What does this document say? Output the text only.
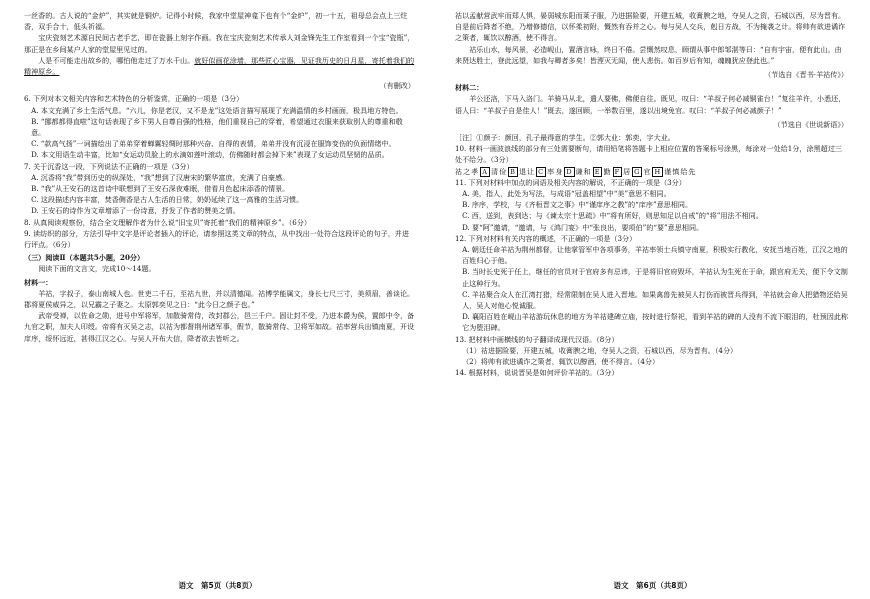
一丝香的。古人说的“金炉”，其实就是铜炉。记得小时候，我家中堂屋神龛下也有个“金炉”，初一十五，祖母总会点上三炷香，双手合十，低头祈福。

宝庆瓷刻艺术源自民间古老手艺，即在瓷器上刻字作画。我在宝庆瓷刻艺术传承人刘金锋先生工作室看到一个宝“瓷瓶”，那正是在乡间某户人家的堂屋里见过的。

人是不可能走出故乡的，哪怕他走过了万水千山。就好似画花涂墙，那些匠心宝器，见证我历史的日月星，寄托着我们的精神原乡。

（有删改）
6. 下列对本文相关内容和艺术特色的分析鉴赏，正确的一项是（3分）
A. 本文充满了乡土生活气息。“六儿，你是老汉，又不是龙”这处语言描写展现了充满温情的乡村画面，极具地方特色。
B. “挪都都得直啦”这句话表现了乡下男人自尊自强的性格，他们重视自己的穿着，希望通过衣服来获取别人的尊重和敬意。
C. “款高气扬”一词描绘出了弟弟穿着蝉翼轻绸时那种兴奋、自得的表情，弟弟并没有沉浸在服饰变伤的负面情绪中。
D. 本文用语生动丰富，比如“女运动员脸上的水滴如莲叶滚动，仿佛随时都会掉下来”表现了女运动员坚韧的品质。
7. 关于沉香这一段，下列说法不正确的一项是（3分）
A. 沉香将“我”带到历史的纵深处，“我”想到了汉唐宋的繁华富庶，充满了自豪感。
B. “我”从王安石的这首诗中联想到了王安石深夜难眠，借看月色起床添香的情景。
C. 这段描述内容丰富，焚香侧香是古人生活的日常，奶奶延续了这一高雅的生活习惯。
D. 王安石的诗作为文章增添了一份诗意，抒发了作者的赞美之情。
8. 从真阅读观察份，结合全文理解作者为什么说“旧宝贝”寄托着“我们的精神原乡”。（6分）
9. 读纺织的部分，方法引导中文字是评论者插入的评论，请参照这类文章的特点，从中找出一处符合这段评论的句子，并进行评点。（6分）
（三）阅读Ⅱ（本题共5小题，20分）

阅读下面的文言文，完成10～14题。

材料一：

羊祜，字叔子，泰山南城人也。世吏二千石，至祜九世，并以清德闻。祜博学能属文，身长七尺三寸，美须眉，善谈论。郡将夏侯威异之，以兄霸之子妻之。太原郭奕见之日：“此今日之颜子也。”

武帝受禅，以佐命之勋，进号中军将军，加散骑常侍，改封郡公，邑三千户。固让封不受，乃进本爵为侯，置郎中令，备九官之职，加夫人印绶。帝将有灭吴之志，以祜为都督荆州诸军事，假节，散骑常侍、卫将军如故。祜率营兵出镇南夏，开设庠序，绥怀远近，甚得江汉之心。与吴人开布大信，降者欲去皆听之。

语文　第5页（共8页）

祜以孟献营武牢而郑人惧，晏弱城东阳而莱子服，乃进据险要，开建五城，收膏腴之地，夺吴人之资，石城以西，尽为晋有。自是前后降者不绝，乃增修德信，以怀柔初附，慨然有吞并之心。每与吴人交兵，剋日方战，不为掩袭之计。将帅有欲进谲诈之策者，辄饮以醇酒，使不得言。

祜乐山水，每风景，必造岘山，置酒言咏，终日不倦。尝慨然叹息，顾谓从事中郎邹湛等曰：“自有宇宙，便有此山。由来贤达胜士，登此远望，如我与卿者多矣！皆湮灭无闻，使人悲伤。如百岁后有知，魂魄犹应登此也。”

（节选自《晋书·羊祜传》）
材料二：

羊公还洛，下马入洛门。羊骑马从北，遣人要佛，佛便自往。既见，叹曰：“羊叔子何必减铜雀台！”复往羊许，小悉还，语人曰：“羊叔子自是佳人！”既去，遂回顾，一举数百里，遂以出境免官。叹曰：“羊叔子何必减颜子！”

（节选自《世说新语》）
［注］①颜子：颜回，孔子最得意的学生。②郭大业：郭奕，字大业。
10. 材料一画波浪线的部分有三处需要断句，请用铅笔将答题卡上相应位置的答案标号涂黑，每涂对一处给1分，涂黑超过三处不给分。（3分）
祜之孝 A 清俭 B 退让 C 率身 D 谦和 E 勤 F 居 G 官 H 谨慎给先
11. 下列对材料中加点的词语及相关内容的解说，不正确的一项是（3分）
A. 美，指人，此处为写法，与成语“冠盖相望”中“美”意思不相同。
B. 序序，学校，与《齐桓晋文之事》中“谨庠序之教”的“庠序”意思相同。
C. 西，送到，表到达；与《谏太宗十思疏》中“将有所好，则思知足以自戒”的“将”用法不相同。
D. 要“阿”邀请，“邀请，与《鸿门宴》中“张良出，要项伯”的“要”意思相同。
12. 下列对材料有关内容的概述，不正确的一项是（3分）
A. 朝廷任命羊祜为荆州都督，让他掌管军中各项事务，羊祜率领士兵镇守南夏，积极实行教化，安抚当地百姓，江汉之地的百姓归心于他。
B. 当时长史死于任上，继任的官员对于官府多有忌讳，于是将旧官府毁坏，羊祜认为生死在于命，跟官府无关，便下令文制止这种行为。
C. 羊祜聚合众人在江湾打猎，经常限制在吴人进入晋地。如果禽兽先被吴人打伤而被晋兵得到，羊祜就会命人把猎物还给吴人，吴人对他心悦诚服。
D. 襄阳百姓在岘山羊祜游玩休息的地方为羊祜建碑立庙，按时进行祭祀，看到羊祜的碑的人没有不流下眼泪的，杜预因此称它为堕泪碑。
13. 把材料中画横线的句子翻译成现代汉语。（8分）
（1）祜进据险要，开建五城，收膏腴之地，夺吴人之资，石城以西，尽为晋有。（4分）
（2）将帅有欲进谲诈之策者，辄饮以醇酒，使不得言。（4分）
14. 根据材料，说说晋吴是如何评价羊祜的。（3分）
语文　第6页（共8页）
